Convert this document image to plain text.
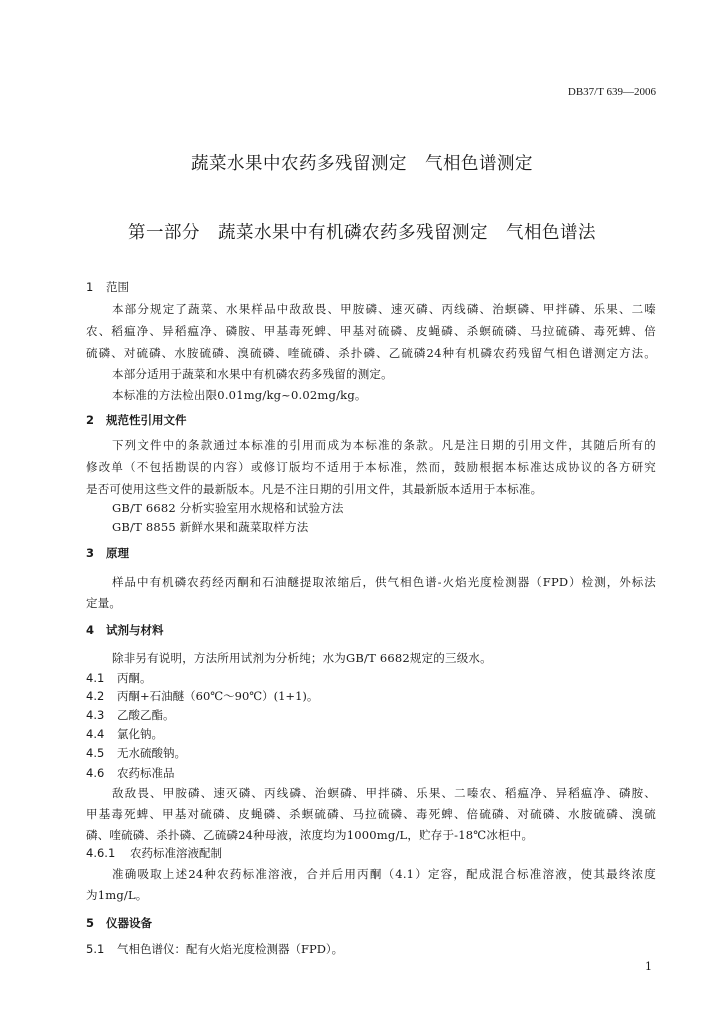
DB37/T 639—2006
蔬菜水果中农药多残留测定　气相色谱测定
第一部分　蔬菜水果中有机磷农药多残留测定　气相色谱法
1 范围
本部分规定了蔬菜、水果样品中敌敌畏、甲胺磷、速灭磷、丙线磷、治螟磷、甲拌磷、乐果、二嗪
农、稻瘟净、异稻瘟净、磷胺、甲基毒死蜱、甲基对硫磷、皮蝇磷、杀螟硫磷、马拉硫磷、毒死蜱、倍
硫磷、对硫磷、水胺硫磷、溴硫磷、喹硫磷、杀扑磷、乙硫磷24种有机磷农药残留气相色谱测定方法。
本部分适用于蔬菜和水果中有机磷农药多残留的测定。
本标准的方法检出限0.01mg/kg~0.02mg/kg。
2 规范性引用文件
下列文件中的条款通过本标准的引用而成为本标准的条款。凡是注日期的引用文件，其随后所有的
修改单（不包括勘误的内容）或修订版均不适用于本标准，然而，鼓励根据本标准达成协议的各方研究
是否可使用这些文件的最新版本。凡是不注日期的引用文件，其最新版本适用于本标准。
GB/T 6682 分析实验室用水规格和试验方法
GB/T 8855 新鲜水果和蔬菜取样方法
3 原理
样品中有机磷农药经丙酮和石油醚提取浓缩后，供气相色谱-火焰光度检测器（FPD）检测，外标法
定量。
4 试剂与材料
除非另有说明，方法所用试剂为分析纯；水为GB/T 6682规定的三级水。
4.1 丙酮。
4.2 丙酮+石油醚（60℃～90℃）(1+1)。
4.3 乙酸乙酯。
4.4 氯化钠。
4.5 无水硫酸钠。
4.6 农药标准品
敌敌畏、甲胺磷、速灭磷、丙线磷、治螟磷、甲拌磷、乐果、二嗪农、稻瘟净、异稻瘟净、磷胺、
甲基毒死蜱、甲基对硫磷、皮蝇磷、杀螟硫磷、马拉硫磷、毒死蜱、倍硫磷、对硫磷、水胺硫磷、溴硫
磷、喹硫磷、杀扑磷、乙硫磷24种母液，浓度均为1000mg/L，贮存于-18℃冰柜中。
4.6.1 农药标准溶液配制
准确吸取上述24种农药标准溶液，合并后用丙酮（4.1）定容，配成混合标准溶液，使其最终浓度
为1mg/L。
5 仪器设备
5.1 气相色谱仪：配有火焰光度检测器（FPD）。
1
